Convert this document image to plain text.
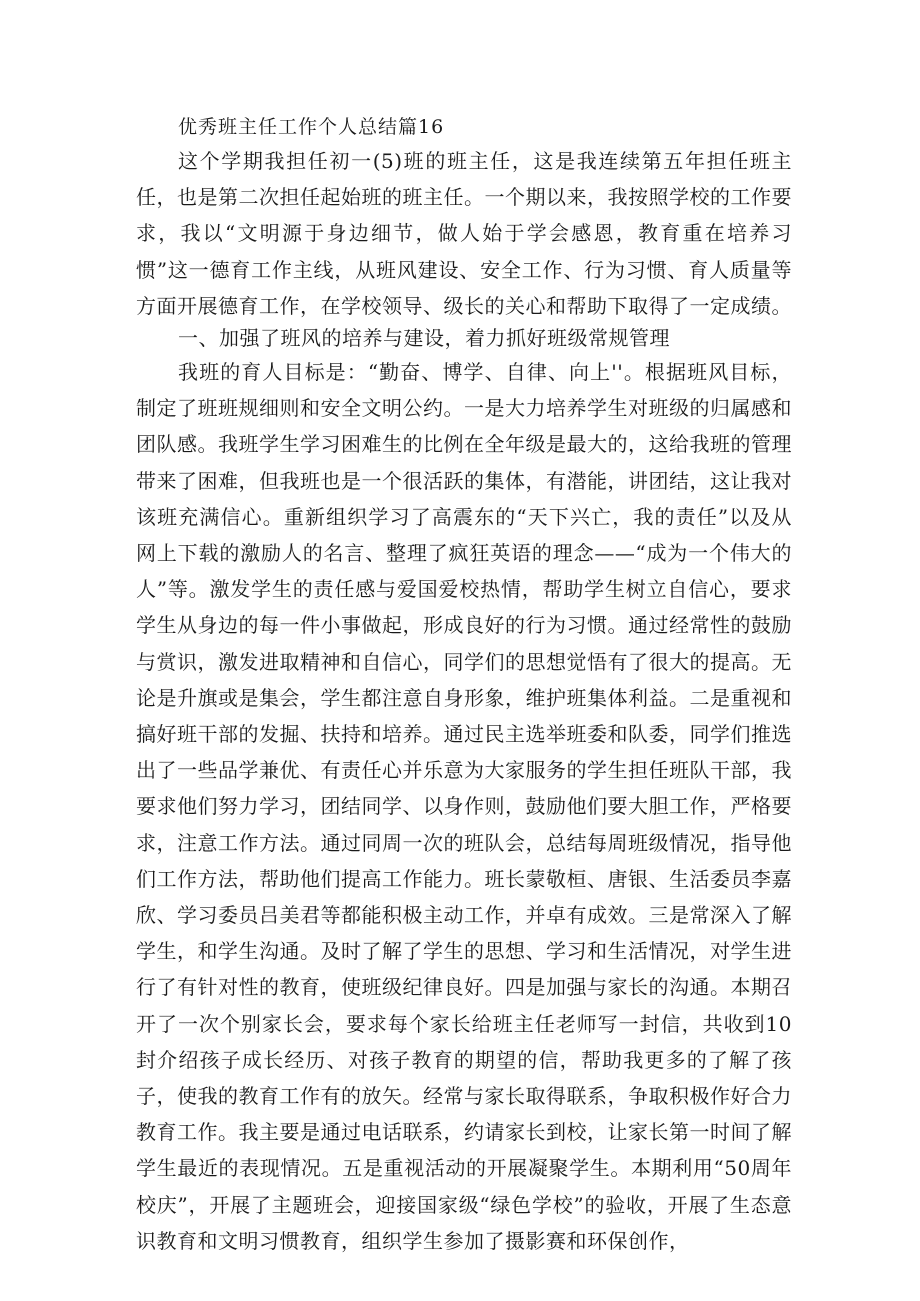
优秀班主任工作个人总结篇16

这个学期我担任初一(5)班的班主任，这是我连续第五年担任班主任，也是第二次担任起始班的班主任。一个期以来，我按照学校的工作要求，我以“文明源于身边细节，做人始于学会感恩，教育重在培养习惯”这一德育工作主线，从班风建设、安全工作、行为习惯、育人质量等方面开展德育工作，在学校领导、级长的关心和帮助下取得了一定成绩。

一、加强了班风的培养与建设，着力抓好班级常规管理

我班的育人目标是：“勤奋、博学、自律、向上''。根据班风目标，制定了班班规细则和安全文明公约。一是大力培养学生对班级的归属感和团队感。我班学生学习困难生的比例在全年级是最大的，这给我班的管理带来了困难，但我班也是一个很活跃的集体，有潜能，讲团结，这让我对该班充满信心。重新组织学习了高震东的“天下兴亡，我的责任”以及从网上下载的激励人的名言、整理了疯狂英语的理念——“成为一个伟大的人”等。激发学生的责任感与爱国爱校热情，帮助学生树立自信心，要求学生从身边的每一件小事做起，形成良好的行为习惯。通过经常性的鼓励与赏识，激发进取精神和自信心，同学们的思想觉悟有了很大的提高。无论是升旗或是集会，学生都注意自身形象，维护班集体利益。二是重视和搞好班干部的发掘、扶持和培养。通过民主选举班委和队委，同学们推选出了一些品学兼优、有责任心并乐意为大家服务的学生担任班队干部，我要求他们努力学习，团结同学、以身作则，鼓励他们要大胆工作，严格要求，注意工作方法。通过同周一次的班队会，总结每周班级情况，指导他们工作方法，帮助他们提高工作能力。班长蒙敬桓、唐银、生活委员李嘉欣、学习委员吕美君等都能积极主动工作，并卓有成效。三是常深入了解学生，和学生沟通。及时了解了学生的思想、学习和生活情况，对学生进行了有针对性的教育，使班级纪律良好。四是加强与家长的沟通。本期召开了一次个别家长会，要求每个家长给班主任老师写一封信，共收到10封介绍孩子成长经历、对孩子教育的期望的信，帮助我更多的了解了孩子，使我的教育工作有的放矢。经常与家长取得联系，争取积极作好合力教育工作。我主要是通过电话联系，约请家长到校，让家长第一时间了解学生最近的表现情况。五是重视活动的开展凝聚学生。本期利用“50周年校庆”，开展了主题班会，迎接国家级“绿色学校”的验收，开展了生态意识教育和文明习惯教育，组织学生参加了摄影赛和环保创作，
